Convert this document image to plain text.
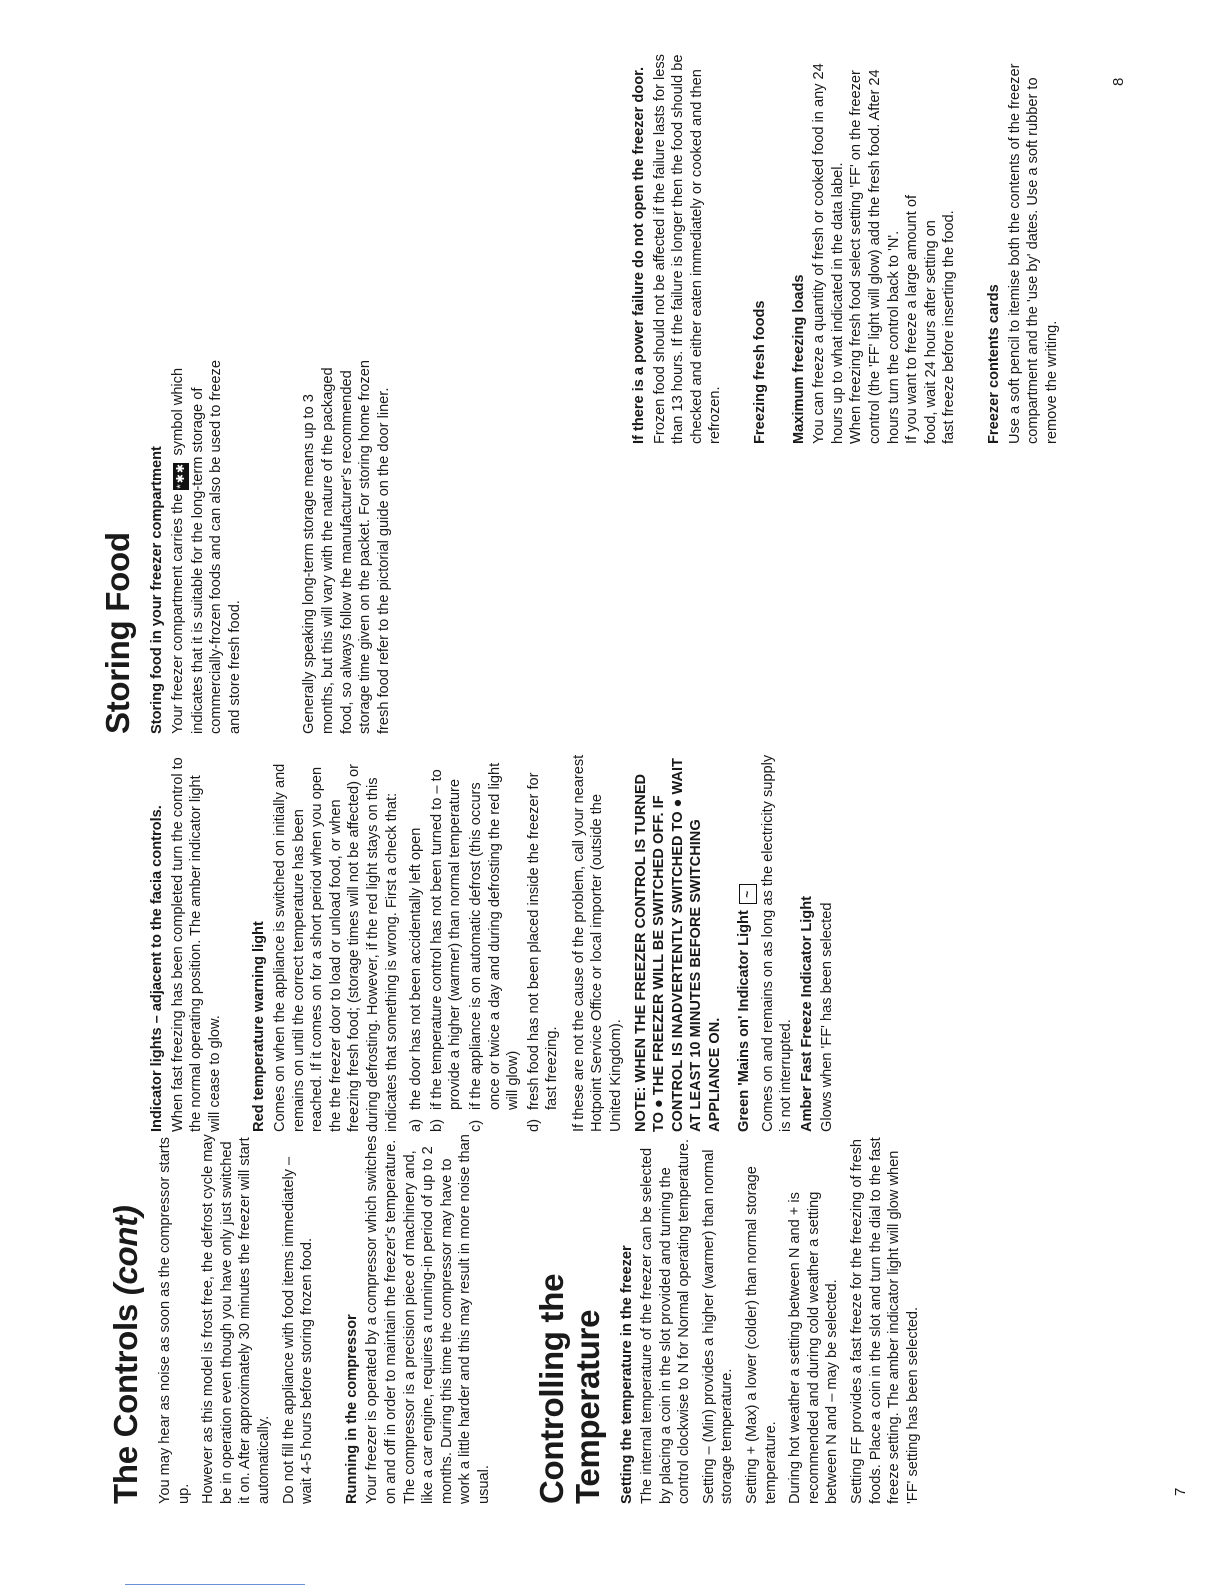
7
8
The Controls (cont) You may hear as noise as soon as the compressor starts up. However as this model is frost free, the defrost cycle may be in operation even though you have only just switched it on. After approximately 30 minutes the freezer will start automatically. Do not fill the appliance with food items immediately – wait 4-5 hours before storing frozen food. Running in the compressor Your freezer is operated by a compressor which switches on and off in order to maintain the freezer's temperature. The compressor is a precision piece of machinery and, like a car engine, requires a running-in period of up to 2 months. During this time the compressor may have to work a little harder and this may result in more noise than usual. Controlling the Temperature Setting the temperature in the freezer The internal temperature of the freezer can be selected by placing a coin in the slot provided and turning the control clockwise to N for Normal operating temperature. Setting – (Min) provides a higher (warmer) than normal storage temperature. Setting + (Max) a lower (colder) than normal storage temperature. During hot weather a setting between N and + is recommended and during cold weather a setting between N and – may be selected. Setting FF provides a fast freeze for the freezing of fresh foods. Place a coin in the slot and turn the dial to the fast freeze setting. The amber indicator light will glow when 'FF' setting has been selected.

Indicator lights – adjacent to the facia controls. When fast freezing has been completed turn the control to the normal operating position. The amber indicator light will cease to glow. Red temperature warning light Comes on when the appliance is switched on initially and remains on until the correct temperature has been reached. If it comes on for a short period when you open the the freezer door to load or unload food, or when freezing fresh food; (storage times will not be affected) or during defrosting. However, if the red light stays on this indicates that something is wrong. First a check that: a)
the door has not been accidentally left open
b)
if the temperature control has not been turned to – to provide a higher (warmer) than normal temperature
c)
if the appliance is on automatic defrost (this occurs once or twice a day and during defrosting the red light will glow)
d)
fresh food has not been placed inside the freezer for fast freezing. If these are not the cause of the problem, call your nearest Hotpoint Service Office or local importer (outside the United Kingdom). NOTE: WHEN THE FREEZER CONTROL IS TURNED TO ● THE FREEZER WILL BE SWITCHED OFF. IF CONTROL IS INADVERTENTLY SWITCHED TO ● WAIT AT LEAST 10 MINUTES BEFORE SWITCHING APPLIANCE ON. Green 'Mains on' Indicator Light~ Comes on and remains on as long as the electricity supply is not interrupted. Amber Fast Freeze Indicator Light Glows when 'FF' has been selected

Storing Food Storing food in your freezer compartment Your freezer compartment carries the *✱✱✱ symbol which indicates that it is suitable for the long-term storage of commercially-frozen foods and can also be used to freeze and store fresh food.	Generally speaking long-term storage means up to 3 months, but this will vary with the nature of the packaged food, so always follow the manufacturer's recommended storage time given on the packet. For storing home frozen fresh food refer to the pictorial guide on the door liner.

If there is a power failure do not open the freezer door. Frozen food should not be affected if the failure lasts for less than 13 hours. If the failure is longer then the food should be checked and either eaten immediately or cooked and then refrozen. Freezing fresh foods Maximum freezing loads You can freeze a quantity of fresh or cooked food in any 24 hours up to what indicated in the data label. When freezing fresh food select setting 'FF' on the freezer control (the 'FF' light will glow) add the fresh food. After 24 hours turn the control back to 'N'. If you want to freeze a large amount of food, wait 24 hours after setting on fast freeze before inserting the food. Freezer contents cards Use a soft pencil to itemise both the contents of the freezer compartment and the 'use by' dates. Use a soft rubber to remove the writing.
